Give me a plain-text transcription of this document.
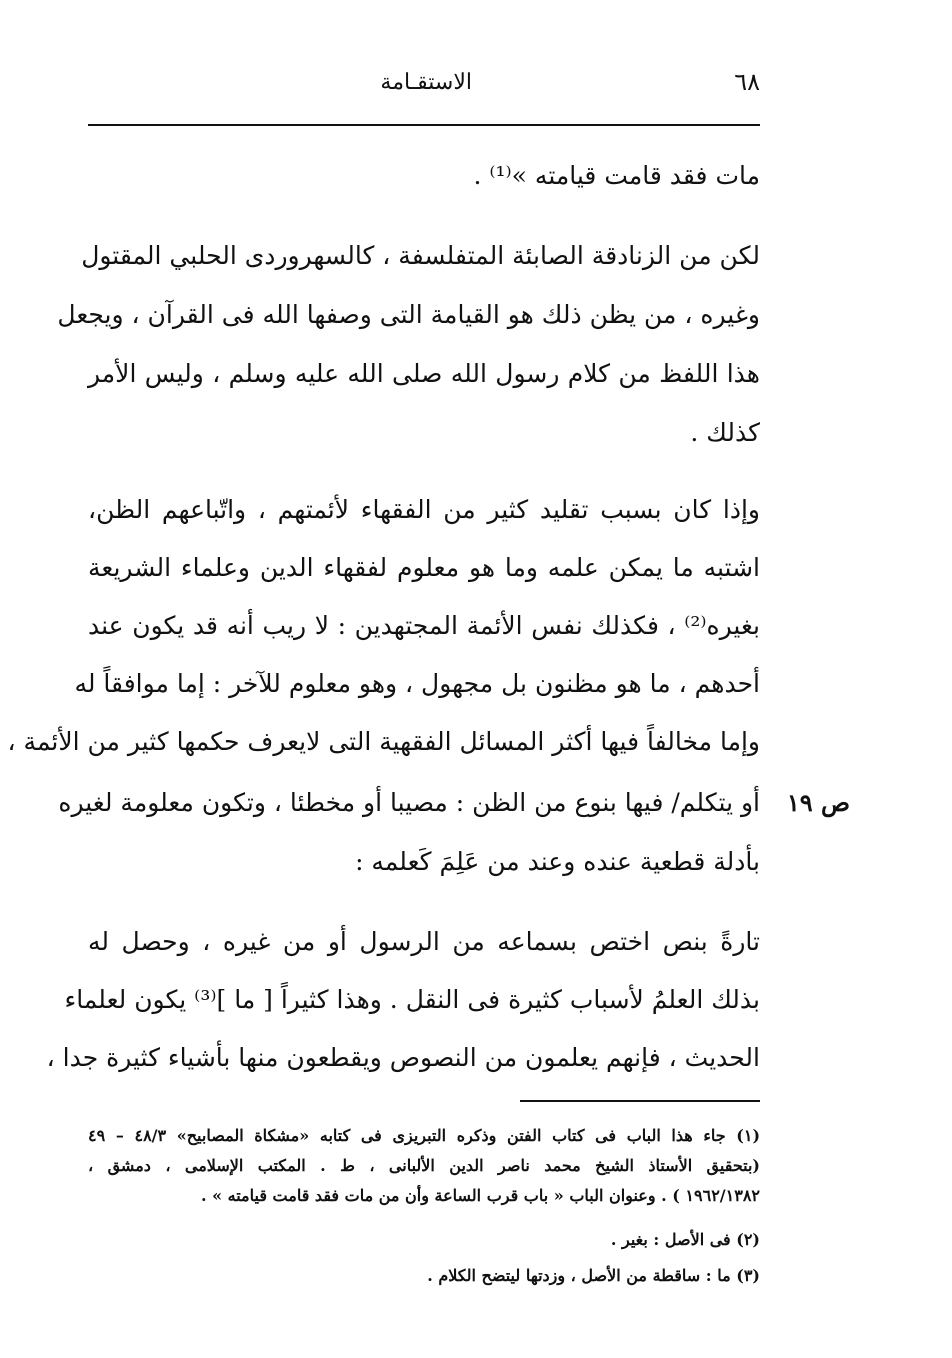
٦٨
الاستقـامة
مات فقد قامت قيامته »⁽¹⁾ .
لكن من الزنادقة الصابئة المتفلسفة ، كالسهروردى الحلبي المقتول
وغيره ، من يظن ذلك هو القيامة التى وصفها الله فى القرآن ، ويجعل
هذا اللفظ من كلام رسول الله صلى الله عليه وسلم ، وليس الأمر
كذلك .
وإذا كان بسبب تقليد كثير من الفقهاء لأئمتهم ، واتّباعهم الظن،
اشتبه ما يمكن علمه وما هو معلوم لفقهاء الدين وعلماء الشريعة
بغيره⁽²⁾ ، فكذلك نفس الأئمة المجتهدين : لا ريب أنه قد يكون عند
أحدهم ، ما هو مظنون بل مجهول ، وهو معلوم للآخر : إما موافقاً له
وإما مخالفاً فيها أكثر المسائل الفقهية التى لايعرف حكمها كثير من الأئمة ،
أو يتكلم/ فيها بنوع من الظن : مصيبا أو مخطئا ، وتكون معلومة لغيره
بأدلة قطعية عنده وعند من عَلِمَ كَعلمه :
ص ١٩
تارةً بنص اختص بسماعه من الرسول أو من غيره ، وحصل له
بذلك العلمُ لأسباب كثيرة فى النقل . وهذا كثيراً [ ما ]⁽³⁾ يكون لعلماء
الحديث ، فإنهم يعلمون من النصوص ويقطعون منها بأشياء كثيرة جدا ،
(١) جاء هذا الباب فى كتاب الفتن وذكره التبريزى فى كتابه «مشكاة المصابيح» ٤٨/٣ – ٤٩
(بتحقيق الأستاذ الشيخ محمد ناصر الدين الألبانى ، ط . المكتب الإسلامى ، دمشق ،
١٩٦٢/١٣٨٢ ) . وعنوان الباب « باب قرب الساعة وأن من مات فقد قامت قيامته » .
(٢) فى الأصل : بغير .
(٣) ما : ساقطة من الأصل ، وزدتها ليتضح الكلام .
